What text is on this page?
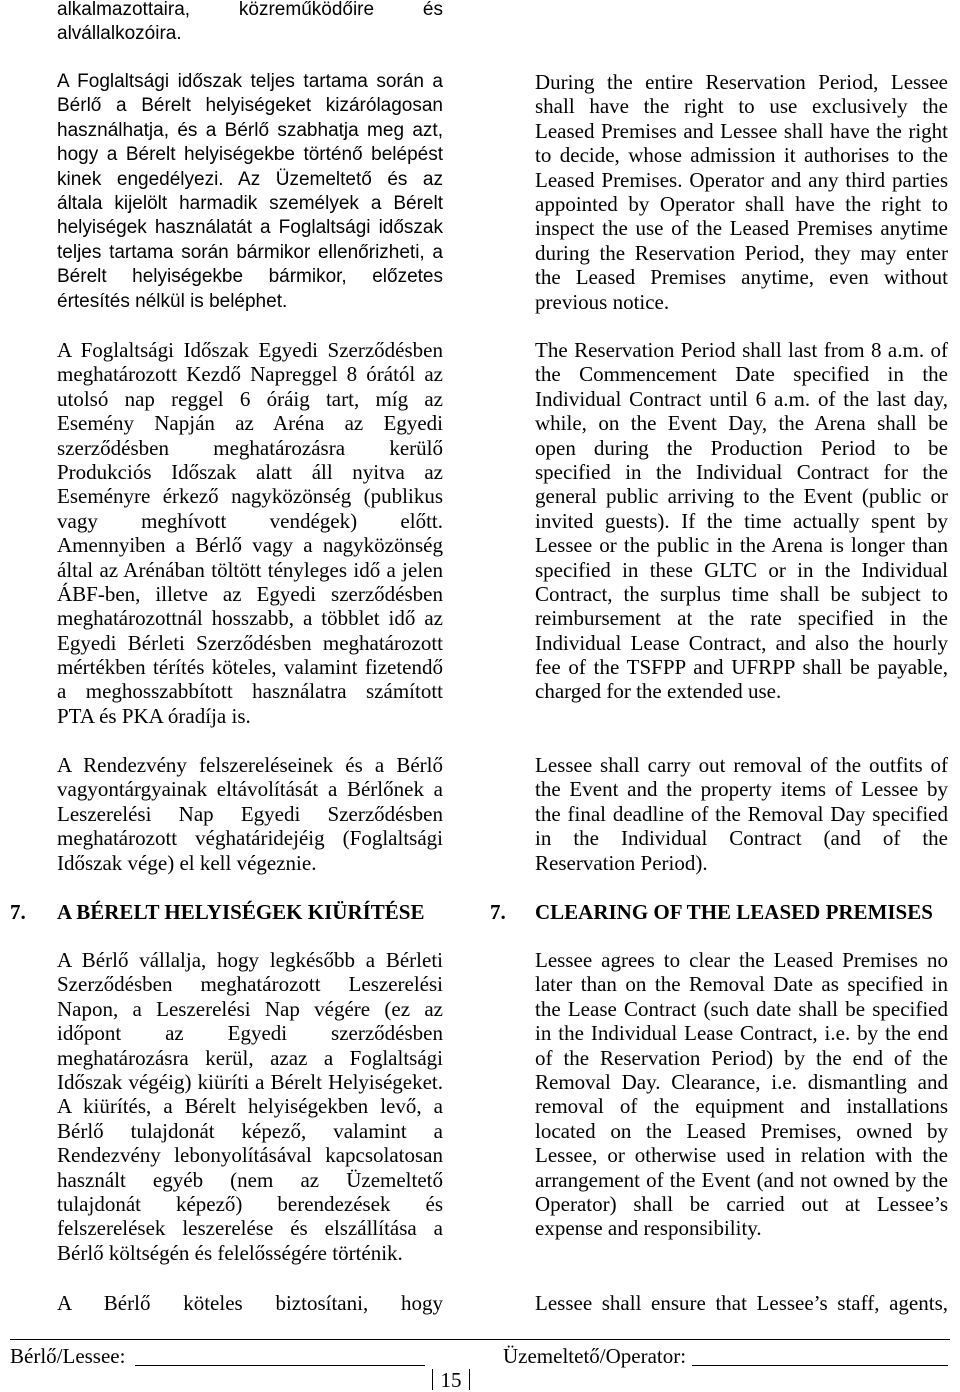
alkalmazottaira, közreműködőire és
alvállalkozóira.
A Foglaltsági időszak teljes tartama során a
Bérlő a Bérelt helyiségeket kizárólagosan
használhatja, és a Bérlő szabhatja meg azt,
hogy a Bérelt helyiségekbe történő belépést
kinek engedélyezi. Az Üzemeltető és az
általa kijelölt harmadik személyek a Bérelt
helyiségek használatát a Foglaltsági időszak
teljes tartama során bármikor ellenőrizheti, a
Bérelt helyiségekbe bármikor, előzetes
értesítés nélkül is beléphet.
A Foglaltsági Időszak Egyedi Szerződésben
meghatározott Kezdő Napreggel 8 órától az
utolsó nap reggel 6 óráig tart, míg az
Esemény Napján az Aréna az Egyedi
szerződésben meghatározásra kerülő
Produkciós Időszak alatt áll nyitva az
Eseményre érkező nagyközönség (publikus
vagy meghívott vendégek) előtt.
Amennyiben a Bérlő vagy a nagyközönség
által az Arénában töltött tényleges idő a jelen
ÁBF-ben, illetve az Egyedi szerződésben
meghatározottnál hosszabb, a többlet idő az
Egyedi Bérleti Szerződésben meghatározott
mértékben térítés köteles, valamint fizetendő
a meghosszabbított használatra számított
PTA és PKA óradíja is.
A Rendezvény felszereléseinek és a Bérlő
vagyontárgyainak eltávolítását a Bérlőnek a
Leszerelési Nap Egyedi Szerződésben
meghatározott véghatáridejéig (Foglaltsági
Időszak vége) el kell végeznie.
7. A BÉRELT HELYISÉGEK KIÜRÍTÉSE
A Bérlő vállalja, hogy legkésőbb a Bérleti
Szerződésben meghatározott Leszerelési
Napon, a Leszerelési Nap végére (ez az
időpont az Egyedi szerződésben
meghatározásra kerül, azaz a Foglaltsági
Időszak végéig) kiüríti a Bérelt Helyiségeket.
A kiürítés, a Bérelt helyiségekben levő, a
Bérlő tulajdonát képező, valamint a
Rendezvény lebonyolításával kapcsolatosan
használt egyéb (nem az Üzemeltető
tulajdonát képező) berendezések és
felszerelések leszerelése és elszállítása a
Bérlő költségén és felelősségére történik.
A Bérlő köteles biztosítani, hogy
During the entire Reservation Period, Lessee
shall have the right to use exclusively the
Leased Premises and Lessee shall have the right
to decide, whose admission it authorises to the
Leased Premises. Operator and any third parties
appointed by Operator shall have the right to
inspect the use of the Leased Premises anytime
during the Reservation Period, they may enter
the Leased Premises anytime, even without
previous notice.
The Reservation Period shall last from 8 a.m. of
the Commencement Date specified in the
Individual Contract until 6 a.m. of the last day,
while, on the Event Day, the Arena shall be
open during the Production Period to be
specified in the Individual Contract for the
general public arriving to the Event (public or
invited guests). If the time actually spent by
Lessee or the public in the Arena is longer than
specified in these GLTC or in the Individual
Contract, the surplus time shall be subject to
reimbursement at the rate specified in the
Individual Lease Contract, and also the hourly
fee of the TSFPP and UFRPP shall be payable,
charged for the extended use.
Lessee shall carry out removal of the outfits of
the Event and the property items of Lessee by
the final deadline of the Removal Day specified
in the Individual Contract (and of the
Reservation Period).
7. CLEARING OF THE LEASED PREMISES
Lessee agrees to clear the Leased Premises no
later than on the Removal Date as specified in
the Lease Contract (such date shall be specified
in the Individual Lease Contract, i.e. by the end
of the Reservation Period) by the end of the
Removal Day. Clearance, i.e. dismantling and
removal of the equipment and installations
located on the Leased Premises, owned by
Lessee, or otherwise used in relation with the
arrangement of the Event (and not owned by the
Operator) shall be carried out at Lessee’s
expense and responsibility.
Lessee shall ensure that Lessee’s staff, agents,
Bérlő/Lessee:	Üzemeltető/Operator:
15
